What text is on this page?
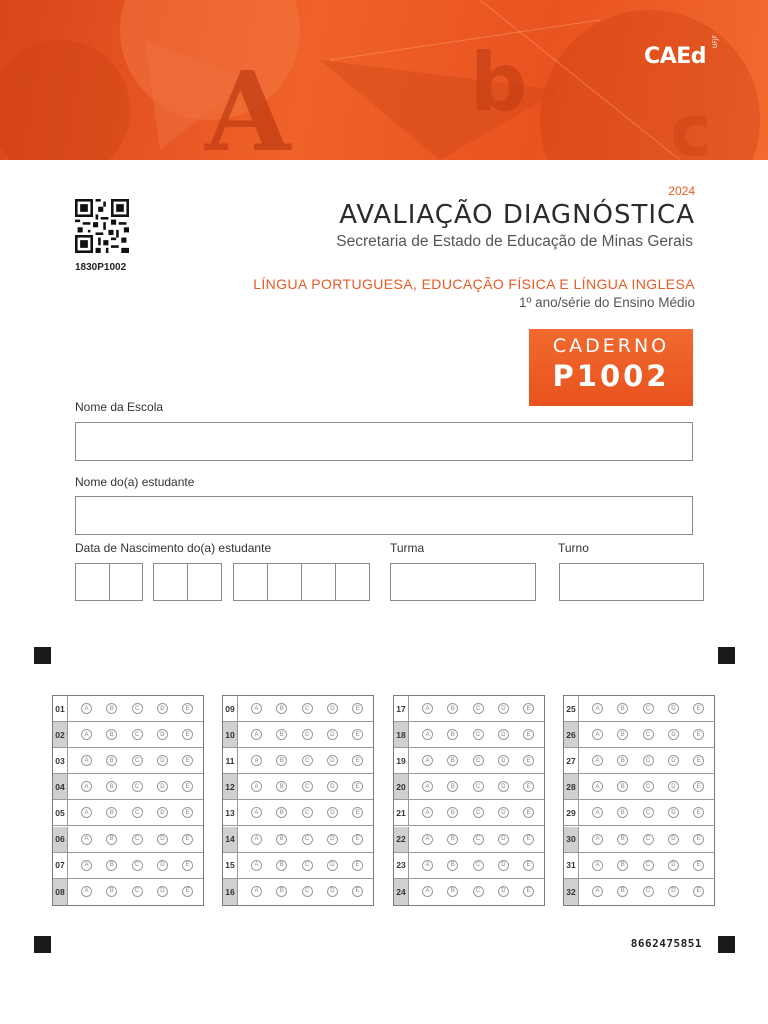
A b
c
CAEd
UFJF
1830P1002
2024
AVALIAÇÃO DIAGNÓSTICA
Secretaria de Estado de Educação de Minas Gerais
LÍNGUA PORTUGUESA, EDUCAÇÃO FÍSICA E LÍNGUA INGLESA
1º ano/série do Ensino Médio
CADERNO
P1002
Nome da Escola
Nome do(a) estudante
Data de Nascimento do(a) estudante	Turma	Turno
01	A	B	C	D	E
02	A	B	C	D	E
03	A	B	C	D	E
04	A	B	C	D	E
05	A	B	C	D	E
06	A	B	C	D	E
07	A	B	C	D	E
08	A	B	C	D	E
09	A	B	C	D	E
10	A	B	C	D	E
11	A	B	C	D	E
12	A	B	C	D	E
13	A	B	C	D	E
14	A	B	C	D	E
15	A	B	C	D	E
16	A	B	C	D	E
17	A	B	C	D	E
18	A	B	C	D	E
19	A	B	C	D	E
20	A	B	C	D	E
21	A	B	C	D	E
22	A	B	C	D	E
23	A	B	C	D	E
24	A	B	C	D	E
25	A	B	C	D	E
26	A	B	C	D	E
27	A	B	C	D	E
28	A	B	C	D	E
29	A	B	C	D	E
30	A	B	C	D	E
31	A	B	C	D	E
32	A	B	C	D	E
8662475851
